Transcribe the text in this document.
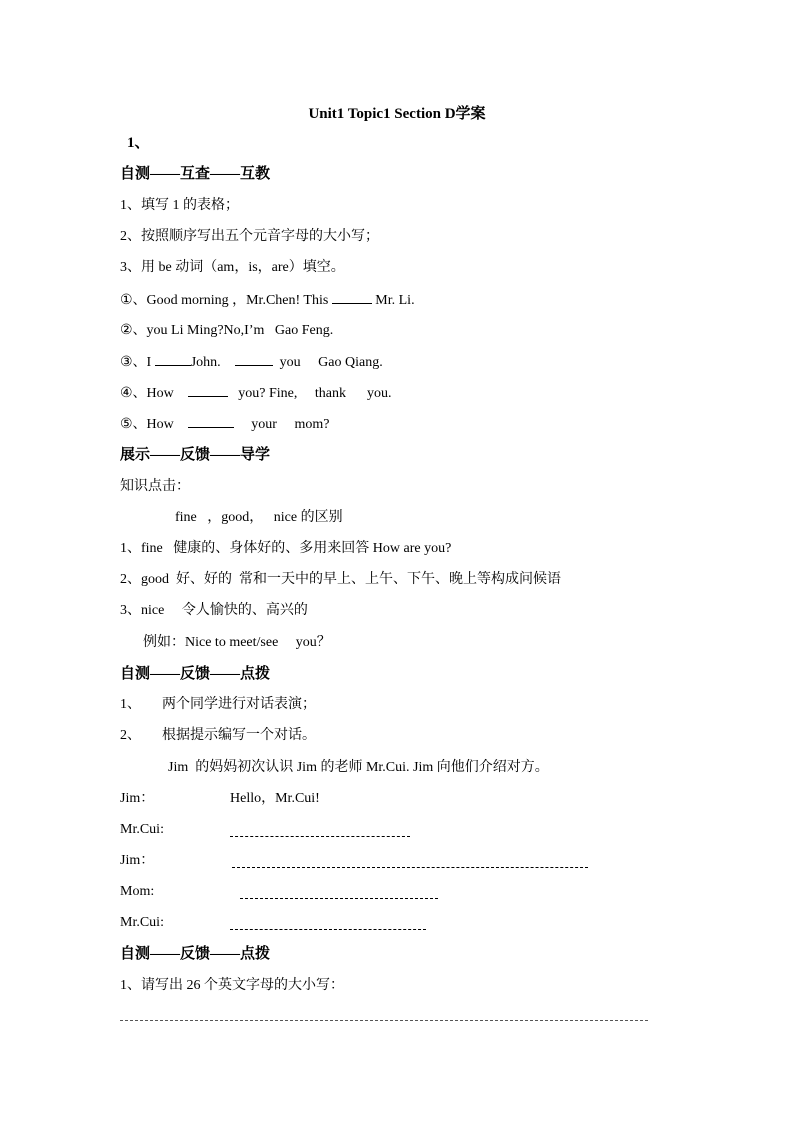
Unit1 Topic1 Section D学案
1、
自测——互查——互教
1、填写 1 的表格；
2、按照顺序写出五个元音字母的大小写；
3、用 be 动词（am，is，are）填空。
①、Good morning ，Mr.Chen! This	Mr. Li.
②、you Li Ming?No,I’m   Gao Feng.
③、I	John.	you     Gao Qiang.
④、How	you? Fine,     thank      you.
⑤、How	your     mom?
展示——反馈——导学
知识点击：
fine   ，good，   nice 的区别
1、fine   健康的、身体好的、多用来回答 How are you?
2、good  好、好的  常和一天中的早上、上午、下午、晚上等构成问候语
3、nice     令人愉快的、高兴的
例如：Nice to meet/see     you？
自测——反馈——点拨
1、      两个同学进行对话表演；
2、      根据提示编写一个对话。
Jim  的妈妈初次认识 Jim 的老师 Mr.Cui. Jim 向他们介绍对方。
Jim：	Hello，Mr.Cui!
Mr.Cui:
Jim：
Mom:
Mr.Cui:
自测——反馈——点拨
1、请写出 26 个英文字母的大小写：
